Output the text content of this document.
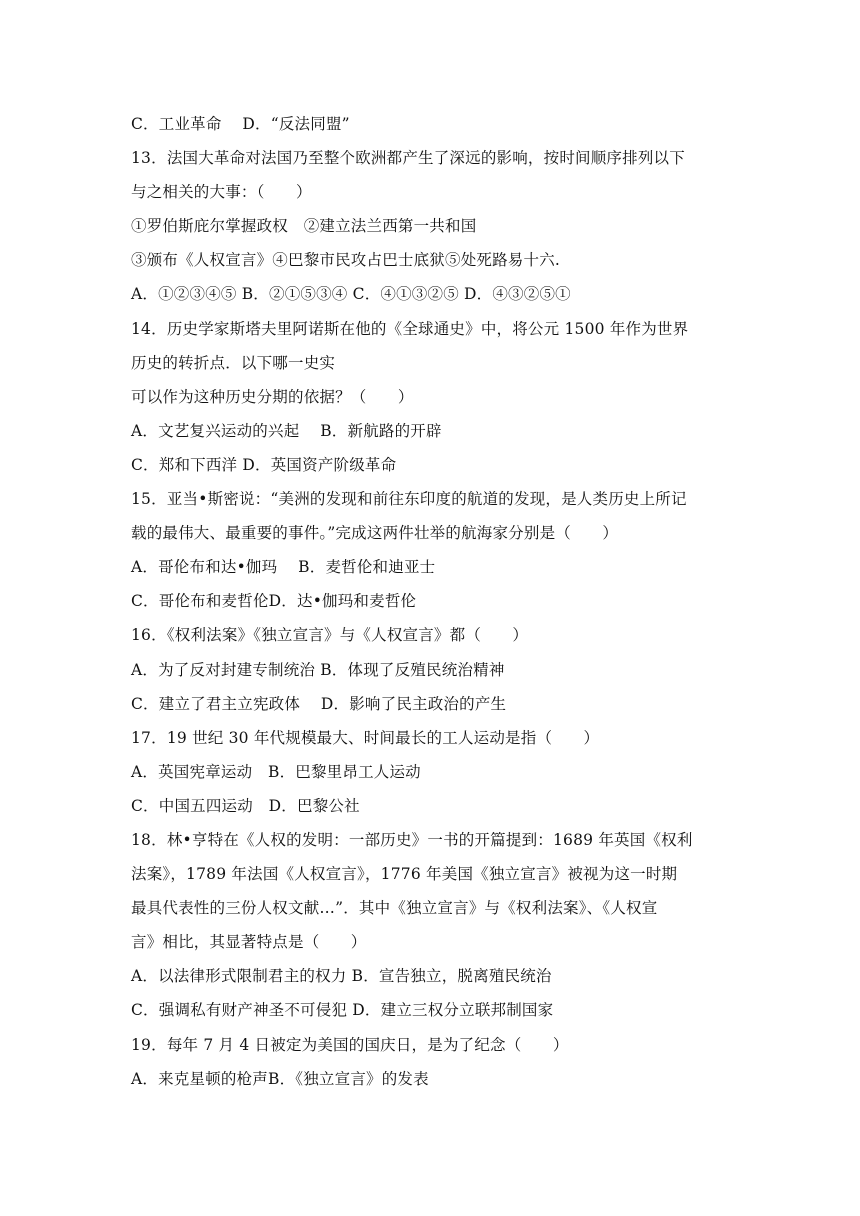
C．工业革命　 D．“反法同盟”
13．法国大革命对法国乃至整个欧洲都产生了深远的影响，按时间顺序排列以下
与之相关的大事：（　　）
①罗伯斯庇尔掌握政权　②建立法兰西第一共和国
③颁布《人权宣言》④巴黎市民攻占巴士底狱⑤处死路易十六.
A．①②③④⑤ B．②①⑤③④ C．④①③②⑤ D．④③②⑤①
14．历史学家斯塔夫里阿诺斯在他的《全球通史》中，将公元 1500 年作为世界
历史的转折点．以下哪一史实
可以作为这种历史分期的依据？（　　）
A．文艺复兴运动的兴起　 B．新航路的开辟
C．郑和下西洋 D．英国资产阶级革命
15．亚当•斯密说：“美洲的发现和前往东印度的航道的发现，是人类历史上所记
载的最伟大、最重要的事件。”完成这两件壮举的航海家分别是（　　）
A．哥伦布和达•伽玛　 B．麦哲伦和迪亚士
C．哥伦布和麦哲伦D．达•伽玛和麦哲伦
16．《权利法案》《独立宣言》与《人权宣言》都（　　）
A．为了反对封建专制统治 B．体现了反殖民统治精神
C．建立了君主立宪政体　 D．影响了民主政治的产生
17．19 世纪 30 年代规模最大、时间最长的工人运动是指（　　）
A．英国宪章运动　B．巴黎里昂工人运动
C．中国五四运动　D．巴黎公社
18．林•亨特在《人权的发明：一部历史》一书的开篇提到：1689 年英国《权利
法案》，1789 年法国《人权宣言》，1776 年美国《独立宣言》被视为这一时期
最具代表性的三份人权文献…”．其中《独立宣言》与《权利法案》、《人权宣
言》相比，其显著特点是（　　）
A．以法律形式限制君主的权力 B．宣告独立，脱离殖民统治
C．强调私有财产神圣不可侵犯 D．建立三权分立联邦制国家
19．每年 7 月 4 日被定为美国的国庆日，是为了纪念（　　）
A．来克星顿的枪声B．《独立宣言》的发表
